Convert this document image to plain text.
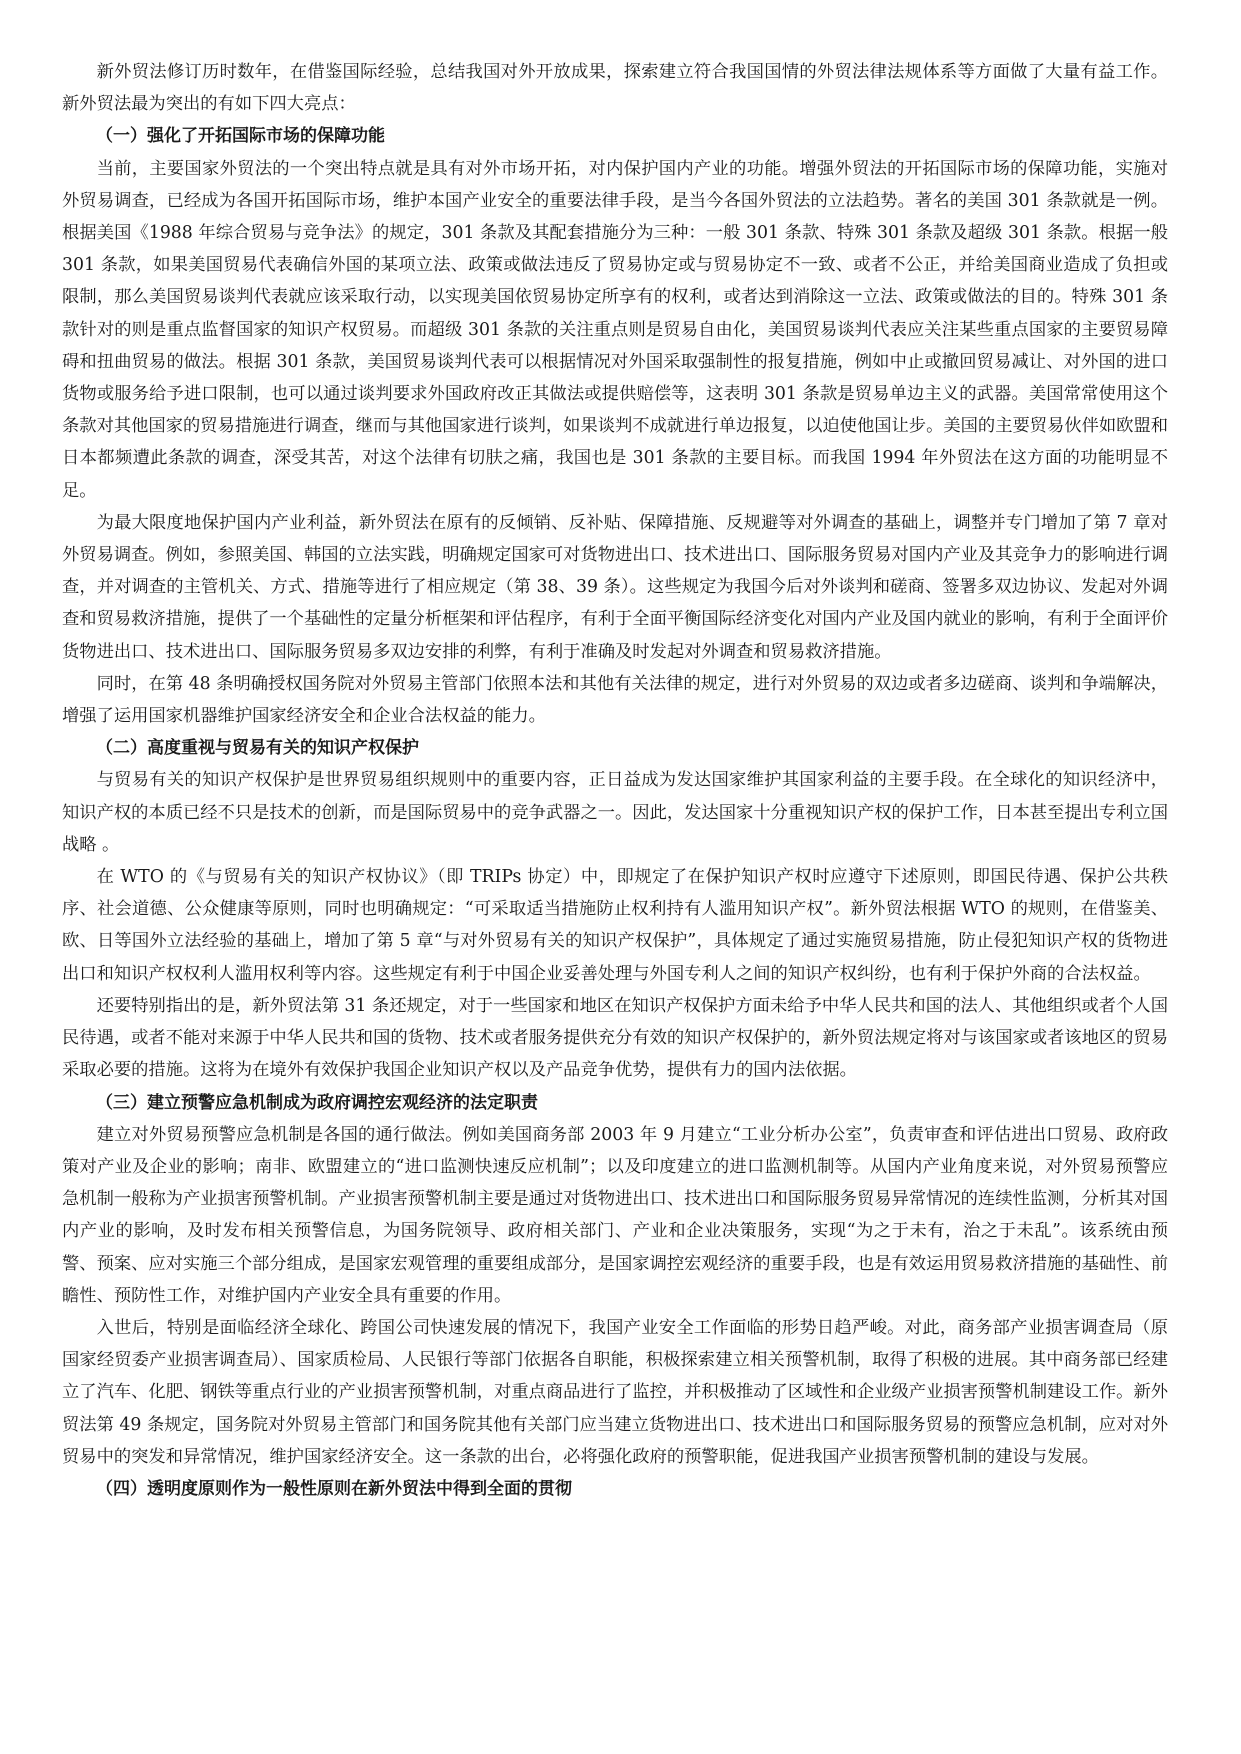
新外贸法修订历时数年，在借鉴国际经验，总结我国对外开放成果，探索建立符合我国国情的外贸法律法规体系等方面做了大量有益工作。新外贸法最为突出的有如下四大亮点：
（一）强化了开拓国际市场的保障功能
当前，主要国家外贸法的一个突出特点就是具有对外市场开拓，对内保护国内产业的功能。增强外贸法的开拓国际市场的保障功能，实施对外贸易调查，已经成为各国开拓国际市场，维护本国产业安全的重要法律手段，是当今各国外贸法的立法趋势。著名的美国 301 条款就是一例。根据美国《1988 年综合贸易与竞争法》的规定，301 条款及其配套措施分为三种：一般 301 条款、特殊 301 条款及超级 301 条款。根据一般 301 条款，如果美国贸易代表确信外国的某项立法、政策或做法违反了贸易协定或与贸易协定不一致、或者不公正，并给美国商业造成了负担或限制，那么美国贸易谈判代表就应该采取行动，以实现美国依贸易协定所享有的权利，或者达到消除这一立法、政策或做法的目的。特殊 301 条款针对的则是重点监督国家的知识产权贸易。而超级 301 条款的关注重点则是贸易自由化，美国贸易谈判代表应关注某些重点国家的主要贸易障碍和扭曲贸易的做法。根据 301 条款，美国贸易谈判代表可以根据情况对外国采取强制性的报复措施，例如中止或撤回贸易减让、对外国的进口货物或服务给予进口限制，也可以通过谈判要求外国政府改正其做法或提供赔偿等，这表明 301 条款是贸易单边主义的武器。美国常常使用这个条款对其他国家的贸易措施进行调查，继而与其他国家进行谈判，如果谈判不成就进行单边报复，以迫使他国让步。美国的主要贸易伙伴如欧盟和日本都频遭此条款的调查，深受其苦，对这个法律有切肤之痛，我国也是 301 条款的主要目标。而我国 1994 年外贸法在这方面的功能明显不足。
为最大限度地保护国内产业利益，新外贸法在原有的反倾销、反补贴、保障措施、反规避等对外调查的基础上，调整并专门增加了第 7 章对外贸易调查。例如，参照美国、韩国的立法实践，明确规定国家可对货物进出口、技术进出口、国际服务贸易对国内产业及其竞争力的影响进行调查，并对调查的主管机关、方式、措施等进行了相应规定（第 38、39 条）。这些规定为我国今后对外谈判和磋商、签署多双边协议、发起对外调查和贸易救济措施，提供了一个基础性的定量分析框架和评估程序，有利于全面平衡国际经济变化对国内产业及国内就业的影响，有利于全面评价货物进出口、技术进出口、国际服务贸易多双边安排的利弊，有利于准确及时发起对外调查和贸易救济措施。
同时，在第 48 条明确授权国务院对外贸易主管部门依照本法和其他有关法律的规定，进行对外贸易的双边或者多边磋商、谈判和争端解决，增强了运用国家机器维护国家经济安全和企业合法权益的能力。
（二）高度重视与贸易有关的知识产权保护
与贸易有关的知识产权保护是世界贸易组织规则中的重要内容，正日益成为发达国家维护其国家利益的主要手段。在全球化的知识经济中，知识产权的本质已经不只是技术的创新，而是国际贸易中的竞争武器之一。因此，发达国家十分重视知识产权的保护工作，日本甚至提出专利立国战略 。
在 WTO 的《与贸易有关的知识产权协议》（即 TRIPs 协定）中，即规定了在保护知识产权时应遵守下述原则，即国民待遇、保护公共秩序、社会道德、公众健康等原则，同时也明确规定：“可采取适当措施防止权利持有人滥用知识产权”。新外贸法根据 WTO 的规则，在借鉴美、欧、日等国外立法经验的基础上，增加了第 5 章“与对外贸易有关的知识产权保护”，具体规定了通过实施贸易措施，防止侵犯知识产权的货物进出口和知识产权权利人滥用权利等内容。这些规定有利于中国企业妥善处理与外国专利人之间的知识产权纠纷，也有利于保护外商的合法权益。
还要特别指出的是，新外贸法第 31 条还规定，对于一些国家和地区在知识产权保护方面未给予中华人民共和国的法人、其他组织或者个人国民待遇，或者不能对来源于中华人民共和国的货物、技术或者服务提供充分有效的知识产权保护的，新外贸法规定将对与该国家或者该地区的贸易采取必要的措施。这将为在境外有效保护我国企业知识产权以及产品竞争优势，提供有力的国内法依据。
（三）建立预警应急机制成为政府调控宏观经济的法定职责
建立对外贸易预警应急机制是各国的通行做法。例如美国商务部 2003 年 9 月建立“工业分析办公室”，负责审查和评估进出口贸易、政府政策对产业及企业的影响；南非、欧盟建立的“进口监测快速反应机制”；以及印度建立的进口监测机制等。从国内产业角度来说，对外贸易预警应急机制一般称为产业损害预警机制。产业损害预警机制主要是通过对货物进出口、技术进出口和国际服务贸易异常情况的连续性监测，分析其对国内产业的影响，及时发布相关预警信息，为国务院领导、政府相关部门、产业和企业决策服务，实现“为之于未有，治之于未乱”。该系统由预警、预案、应对实施三个部分组成，是国家宏观管理的重要组成部分，是国家调控宏观经济的重要手段，也是有效运用贸易救济措施的基础性、前瞻性、预防性工作，对维护国内产业安全具有重要的作用。
入世后，特别是面临经济全球化、跨国公司快速发展的情况下，我国产业安全工作面临的形势日趋严峻。对此，商务部产业损害调查局（原国家经贸委产业损害调查局）、国家质检局、人民银行等部门依据各自职能，积极探索建立相关预警机制，取得了积极的进展。其中商务部已经建立了汽车、化肥、钢铁等重点行业的产业损害预警机制，对重点商品进行了监控，并积极推动了区域性和企业级产业损害预警机制建设工作。新外贸法第 49 条规定，国务院对外贸易主管部门和国务院其他有关部门应当建立货物进出口、技术进出口和国际服务贸易的预警应急机制，应对对外贸易中的突发和异常情况，维护国家经济安全。这一条款的出台，必将强化政府的预警职能，促进我国产业损害预警机制的建设与发展。
（四）透明度原则作为一般性原则在新外贸法中得到全面的贯彻
